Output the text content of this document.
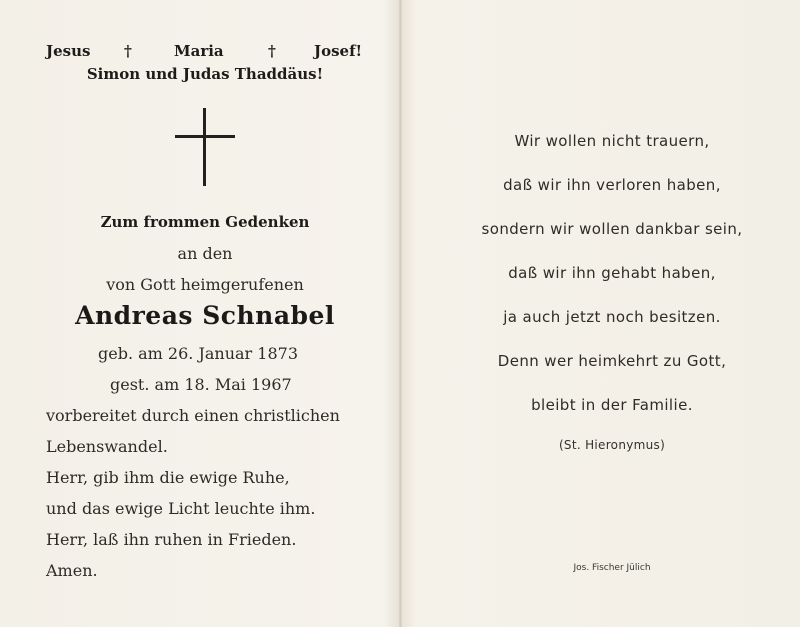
Jesus †	Maria	†	Josef!
Simon und Judas Thaddäus!
Zum frommen Gedenken
an den
von Gott heimgerufenen
Andreas Schnabel
geb. am 26. Januar 1873
gest. am 18. Mai 1967
vorbereitet durch einen christlichen
Lebenswandel.
Herr, gib ihm die ewige Ruhe,
und das ewige Licht leuchte ihm.
Herr, laß ihn ruhen in Frieden.
Amen.
Wir wollen nicht trauern,
daß wir ihn verloren haben,
sondern wir wollen dankbar sein,
daß wir ihn gehabt haben,
ja auch jetzt noch besitzen.
Denn wer heimkehrt zu Gott,
bleibt in der Familie.
(St. Hieronymus)
Jos. Fischer Jülich
